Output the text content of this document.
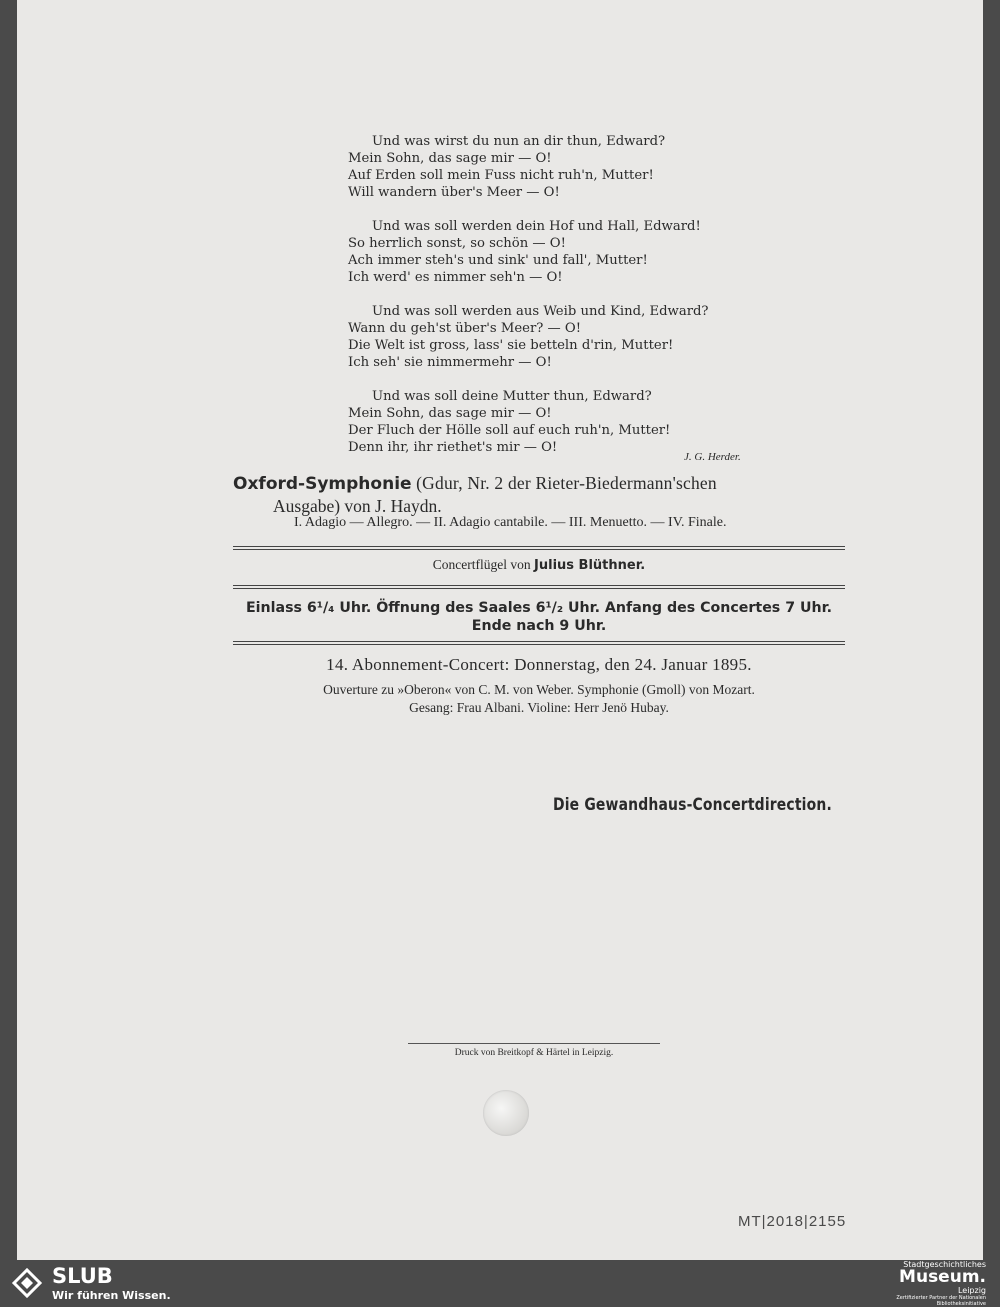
Und was wirst du nun an dir thun, Edward?
Mein Sohn, das sage mir — O!
Auf Erden soll mein Fuss nicht ruh'n, Mutter!
Will wandern über's Meer — O!
Und was soll werden dein Hof und Hall, Edward!
So herrlich sonst, so schön — O!
Ach immer steh's und sink' und fall', Mutter!
Ich werd' es nimmer seh'n — O!
Und was soll werden aus Weib und Kind, Edward?
Wann du geh'st über's Meer? — O!
Die Welt ist gross, lass' sie betteln d'rin, Mutter!
Ich seh' sie nimmermehr — O!
Und was soll deine Mutter thun, Edward?
Mein Sohn, das sage mir — O!
Der Fluch der Hölle soll auf euch ruh'n, Mutter!
Denn ihr, ihr riethet's mir — O!
J. G. Herder.
Oxford-Symphonie (Gdur, Nr. 2 der Rieter-Biedermann'schen
Ausgabe) von J. Haydn.
I. Adagio — Allegro. — II. Adagio cantabile. — III. Menuetto. — IV. Finale.
Concertflügel von Julius Blüthner.
Einlass 6¹/₄ Uhr. Öffnung des Saales 6¹/₂ Uhr. Anfang des Concertes 7 Uhr.
Ende nach 9 Uhr.
14. Abonnement-Concert: Donnerstag, den 24. Januar 1895.
Ouverture zu »Oberon« von C. M. von Weber. Symphonie (Gmoll) von Mozart.
Gesang: Frau Albani. Violine: Herr Jenö Hubay.
Die Gewandhaus-Concertdirection.
Druck von Breitkopf & Härtel in Leipzig.
MT|2018|2155
SLUB
Wir führen Wissen.
Stadtgeschichtliches
Museum.
Leipzig
Zertifizierter Partner der Nationalen Bibliotheksinitiative
